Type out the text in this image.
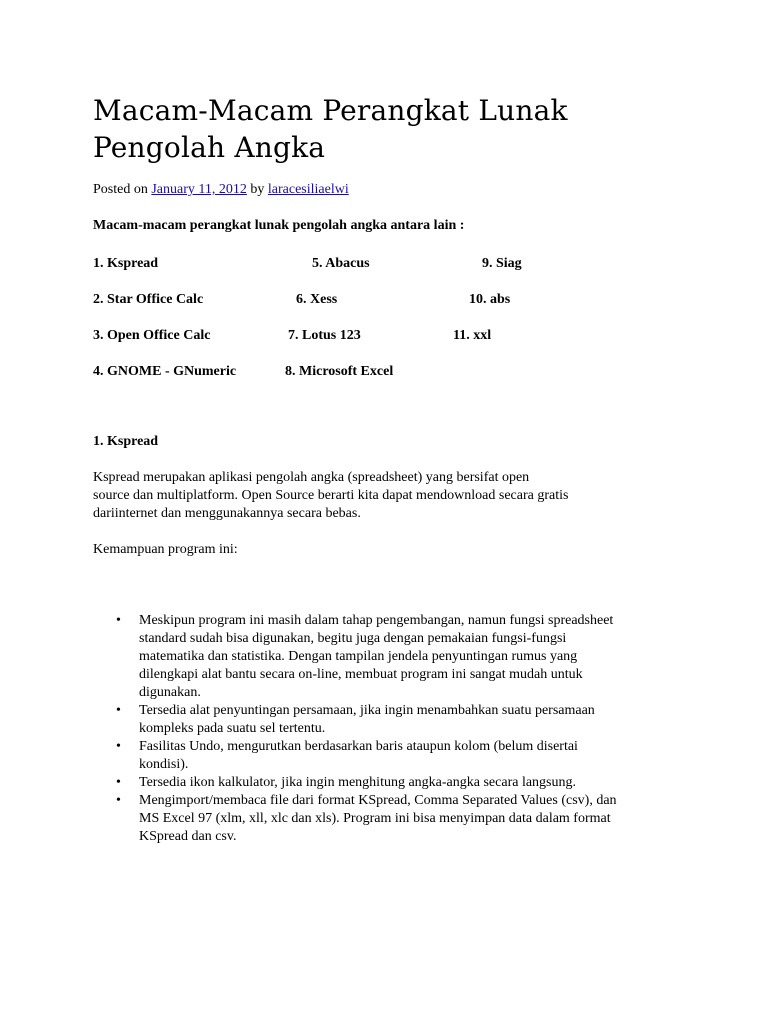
Macam-Macam Perangkat Lunak
Pengolah Angka
Posted on January 11, 2012 by laracesiliaelwi
Macam-macam perangkat lunak pengolah angka antara lain :
1. Kspread	5. Abacus	9. Siag
2. Star Office Calc	6. Xess	10. abs
3. Open Office Calc	7. Lotus 123	11. xxl
4. GNOME - GNumeric	8. Microsoft Excel
1. Kspread
Kspread merupakan aplikasi pengolah angka (spreadsheet) yang bersifat open
source dan multiplatform. Open Source berarti kita dapat mendownload secara gratis
dariinternet dan menggunakannya secara bebas.
Kemampuan program ini:
• Meskipun program ini masih dalam tahap pengembangan, namun fungsi spreadsheet
standard sudah bisa digunakan, begitu juga dengan pemakaian fungsi-fungsi
matematika dan statistika. Dengan tampilan jendela penyuntingan rumus yang
dilengkapi alat bantu secara on-line, membuat program ini sangat mudah untuk
digunakan.
• Tersedia alat penyuntingan persamaan, jika ingin menambahkan suatu persamaan
kompleks pada suatu sel tertentu.
• Fasilitas Undo, mengurutkan berdasarkan baris ataupun kolom (belum disertai
kondisi).
• Tersedia ikon kalkulator, jika ingin menghitung angka-angka secara langsung.
• Mengimport/membaca file dari format KSpread, Comma Separated Values (csv), dan
MS Excel 97 (xlm, xll, xlc dan xls). Program ini bisa menyimpan data dalam format
KSpread dan csv.
